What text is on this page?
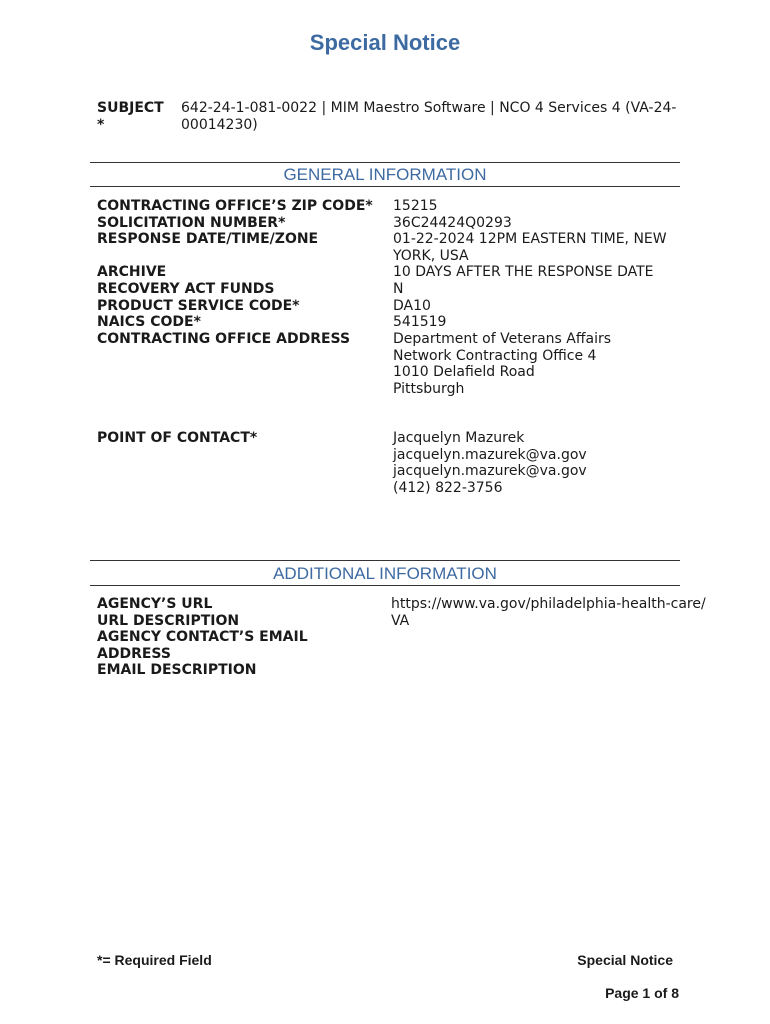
Special Notice
SUBJECT *
642-24-1-081-0022 | MIM Maestro Software | NCO 4 Services 4 (VA-24-00014230)
GENERAL INFORMATION
CONTRACTING OFFICE’S ZIP CODE* 15215
SOLICITATION NUMBER*	36C24424Q0293
RESPONSE DATE/TIME/ZONE	01-22-2024 12PM EASTERN TIME, NEW YORK, USA
ARCHIVE	10 DAYS AFTER THE RESPONSE DATE
RECOVERY ACT FUNDS	N
PRODUCT SERVICE CODE*	DA10
NAICS CODE*	541519
CONTRACTING OFFICE ADDRESS	Department of Veterans Affairs
Network Contracting Office 4
1010 Delafield Road
Pittsburgh
POINT OF CONTACT*	Jacquelyn Mazurek
jacquelyn.mazurek@va.gov
jacquelyn.mazurek@va.gov
(412) 822-3756
ADDITIONAL INFORMATION
AGENCY’S URL	https://www.va.gov/philadelphia-health-care/
URL DESCRIPTION	VA
AGENCY CONTACT’S EMAIL
ADDRESS
EMAIL DESCRIPTION
*= Required Field	Special Notice
Page 1 of 8
